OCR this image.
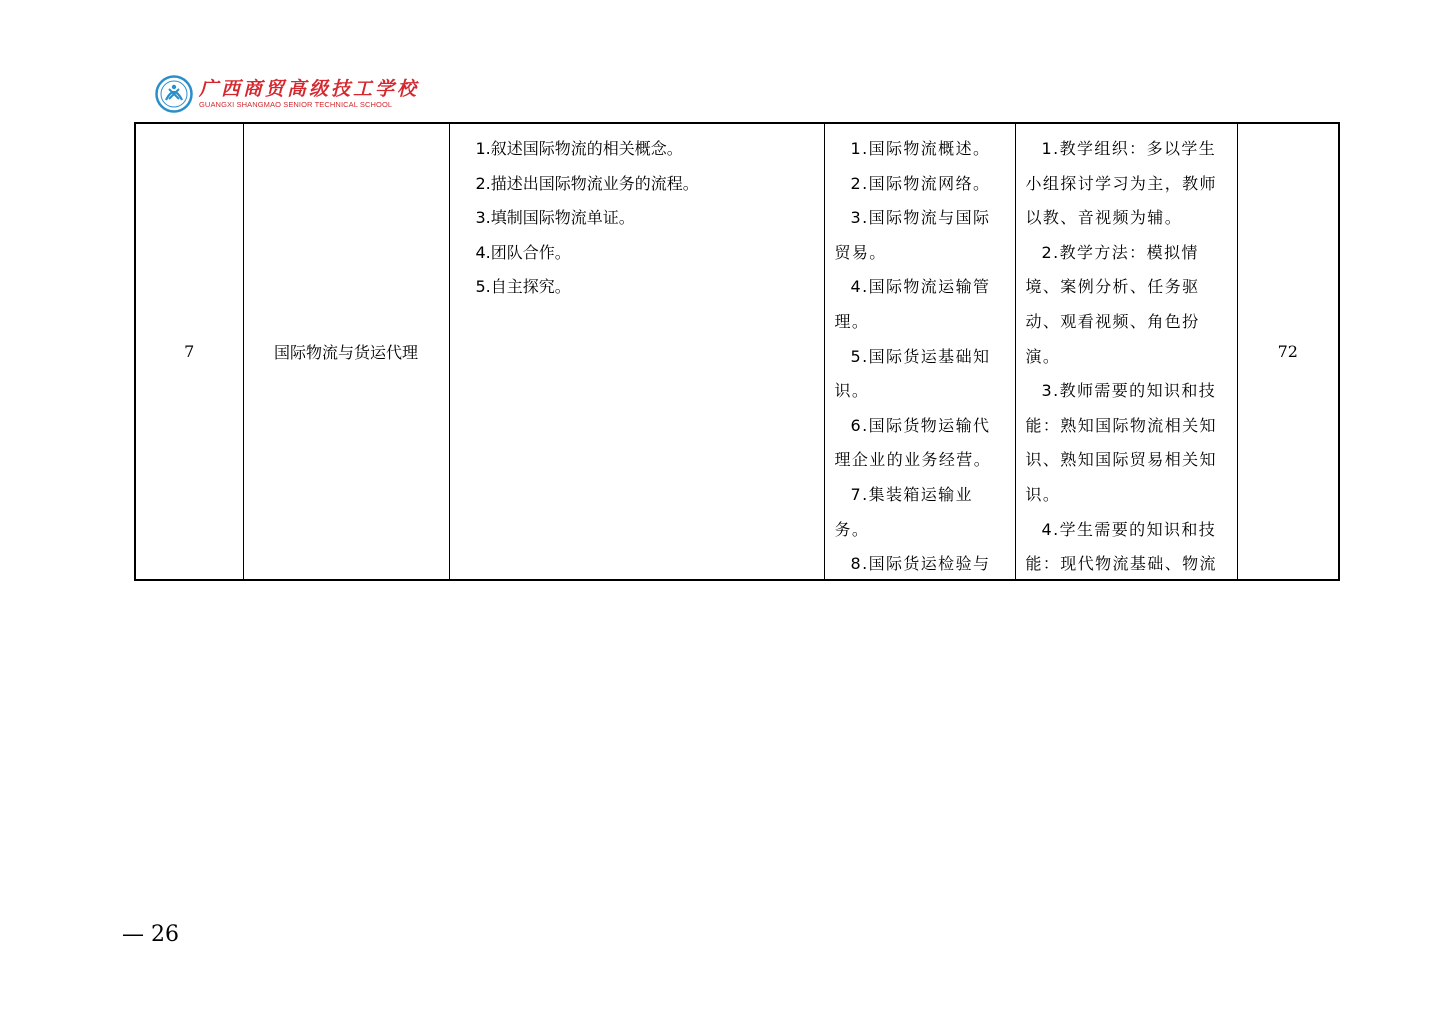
广西商贸高级技工学校
GUANGXI SHANGMAO SENIOR TECHNICAL SCHOOL
7	国际物流与货运代理	
1.叙述国际物流的相关概念。
2.描述出国际物流业务的流程。
3.填制国际物流单证。
4.团队合作。
5.自主探究。

1.国际物流概述。
2.国际物流网络。
3.国际物流与国际贸易。
4.国际物流运输管理。
5.国际货运基础知识。
6.国际货物运输代理企业的业务经营。
7.集装箱运输业务。
8.国际货运检验与

1.教学组织：多以学生小组探讨学习为主，教师以教、音视频为辅。
2.教学方法：模拟情境、案例分析、任务驱动、观看视频、角色扮演。
3.教师需要的知识和技能：熟知国际物流相关知识、熟知国际贸易相关知识。
4.学生需要的知识和技能：现代物流基础、物流
	72
— 26
